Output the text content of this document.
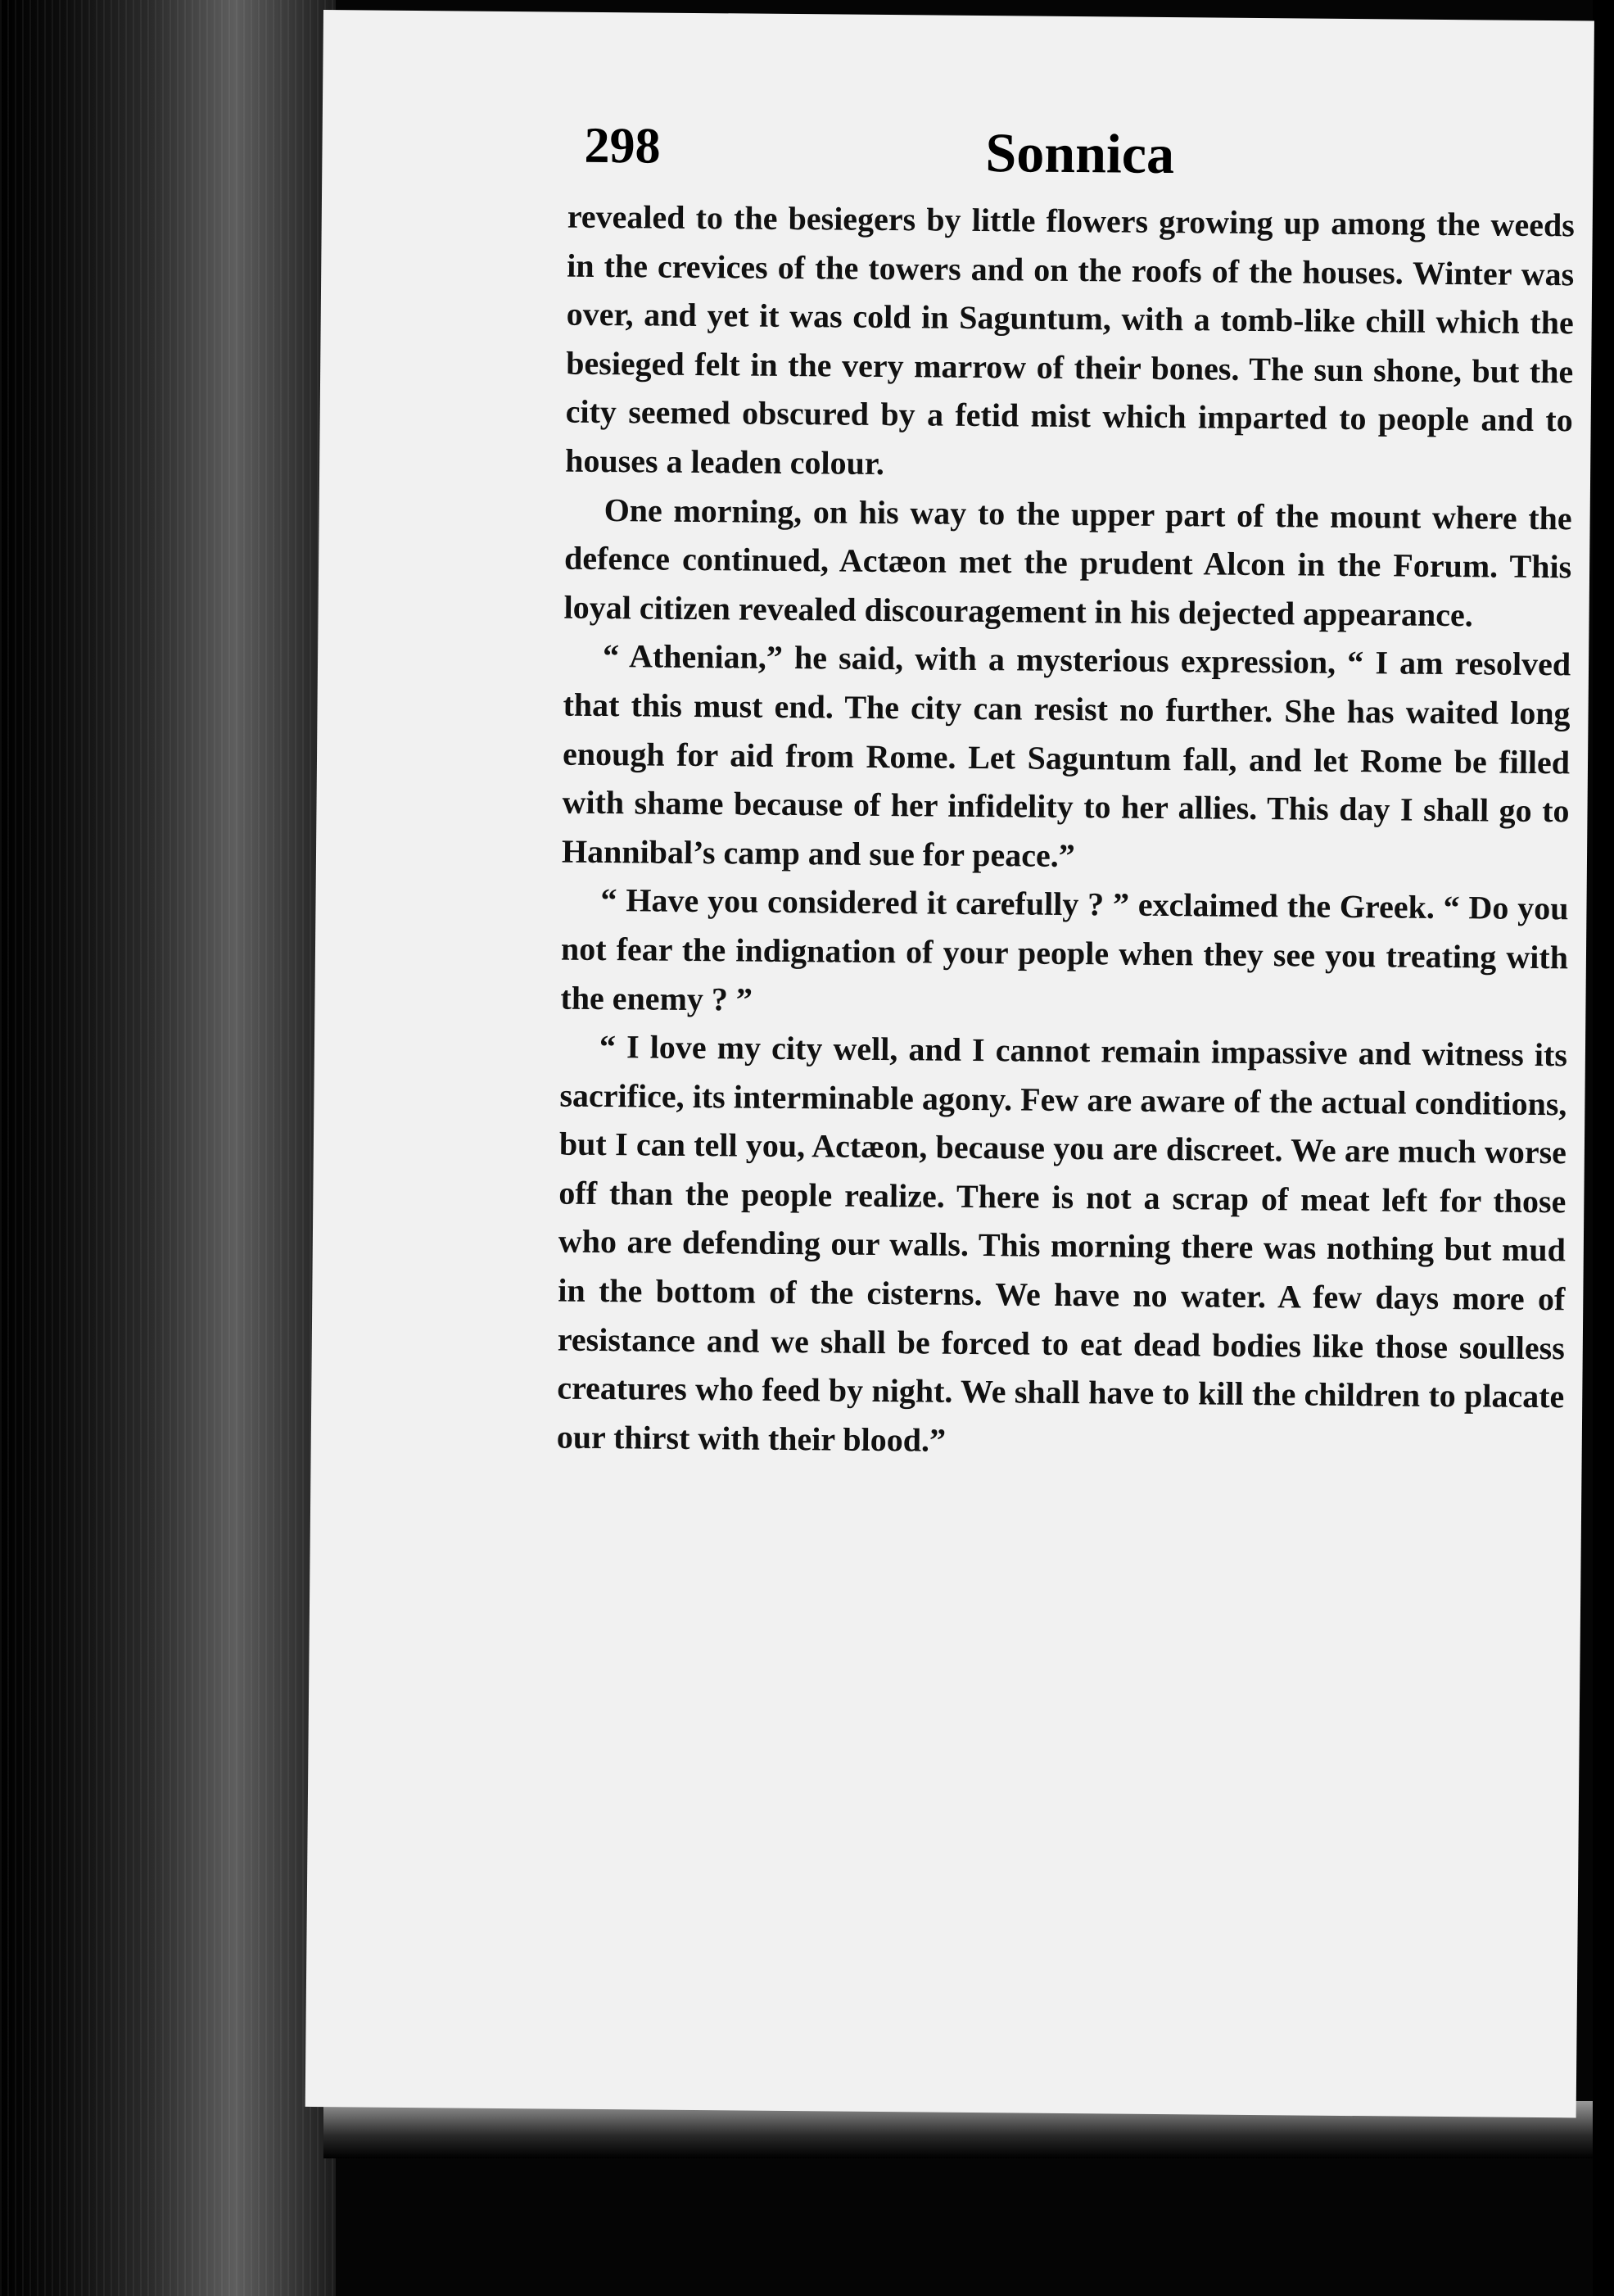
298	Sonnica

revealed to the besiegers by little flowers growing up among the weeds in the crevices of the towers and on the roofs of the houses. Winter was over, and yet it was cold in Saguntum, with a tomb-like chill which the besieged felt in the very marrow of their bones. The sun shone, but the city seemed obscured by a fetid mist which imparted to people and to houses a leaden colour.

One morning, on his way to the upper part of the mount where the defence continued, Actæon met the prudent Alcon in the Forum. This loyal citizen revealed discouragement in his dejected appearance.

“ Athenian,” he said, with a mysterious expression, “ I am resolved that this must end. The city can resist no further. She has waited long enough for aid from Rome. Let Saguntum fall, and let Rome be filled with shame because of her infidelity to her allies. This day I shall go to Hannibal’s camp and sue for peace.”

“ Have you considered it carefully ? ” exclaimed the Greek. “ Do you not fear the indignation of your people when they see you treating with the enemy ? ”

“ I love my city well, and I cannot remain impassive and witness its sacrifice, its interminable agony. Few are aware of the actual conditions, but I can tell you, Actæon, because you are discreet. We are much worse off than the people realize. There is not a scrap of meat left for those who are defending our walls. This morning there was nothing but mud in the bottom of the cisterns. We have no water. A few days more of resistance and we shall be forced to eat dead bodies like those soulless creatures who feed by night. We shall have to kill the children to placate our thirst with their blood.”
